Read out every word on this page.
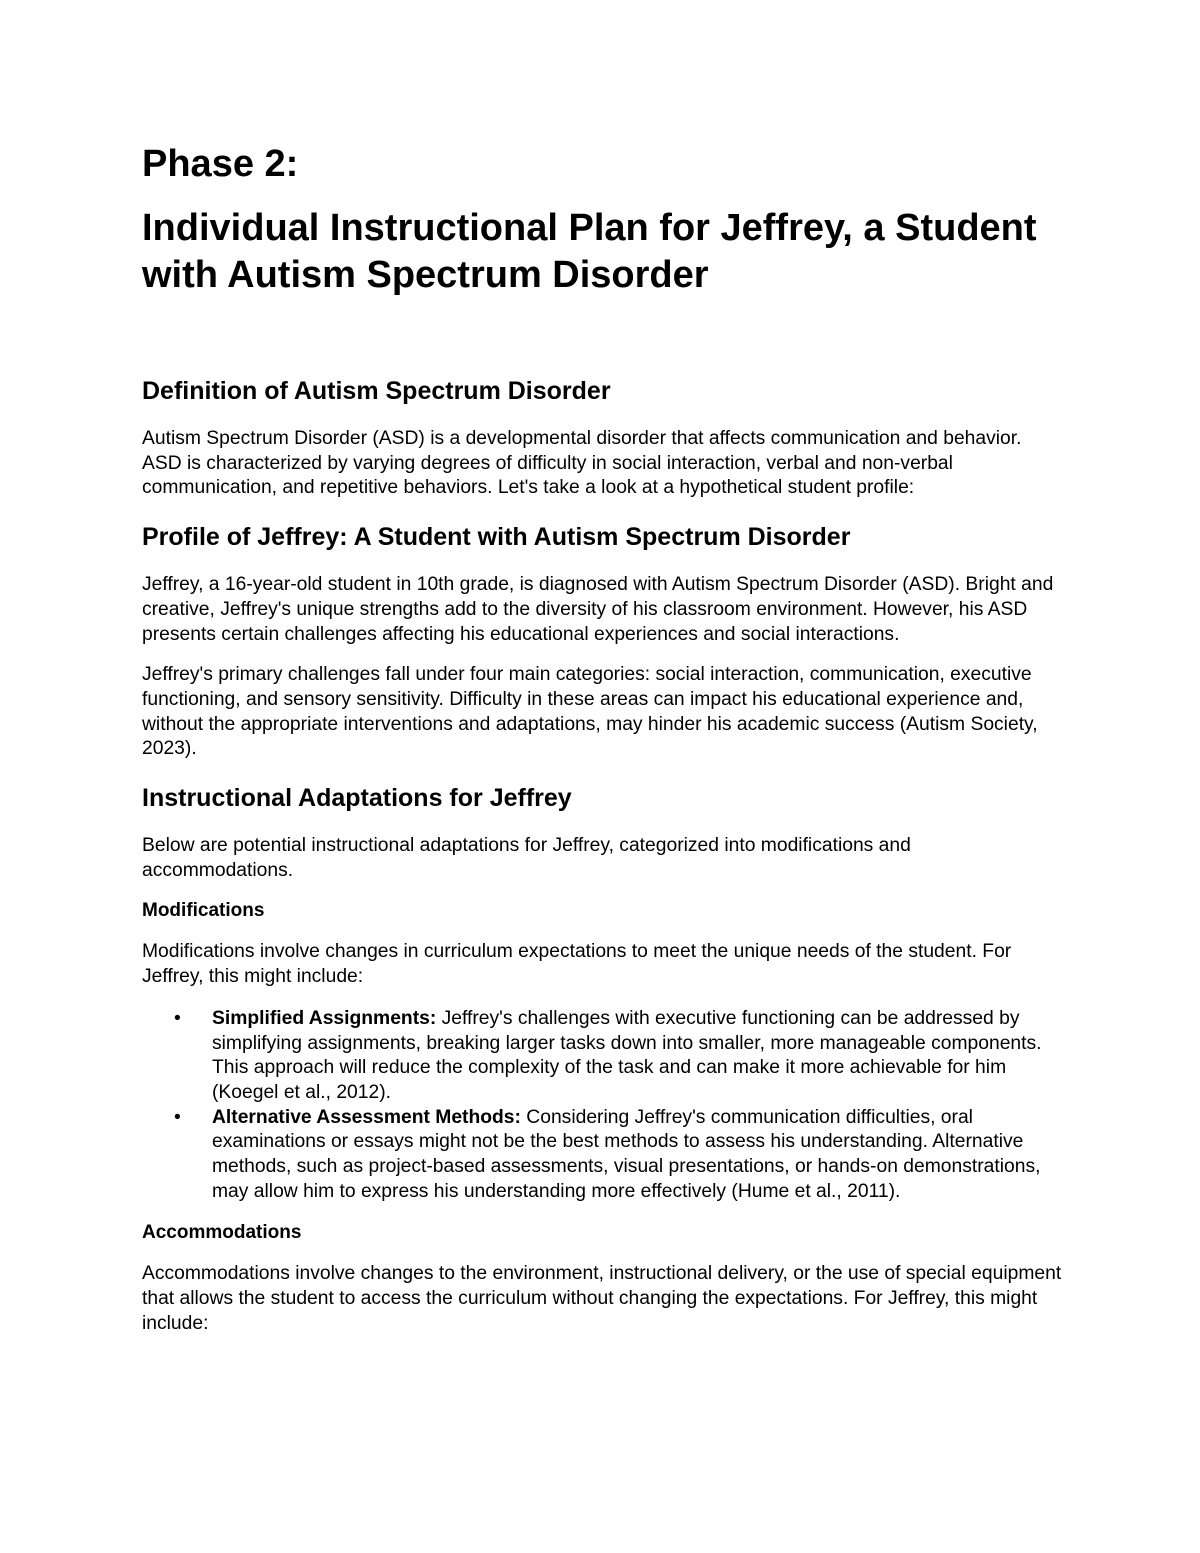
Phase 2:
Individual Instructional Plan for Jeffrey, a Student with Autism Spectrum Disorder
Definition of Autism Spectrum Disorder

Autism Spectrum Disorder (ASD) is a developmental disorder that affects communication and behavior. ASD is characterized by varying degrees of difficulty in social interaction, verbal and non-verbal communication, and repetitive behaviors. Let's take a look at a hypothetical student profile:

Profile of Jeffrey: A Student with Autism Spectrum Disorder

Jeffrey, a 16-year-old student in 10th grade, is diagnosed with Autism Spectrum Disorder (ASD). Bright and creative, Jeffrey's unique strengths add to the diversity of his classroom environment. However, his ASD presents certain challenges affecting his educational experiences and social interactions.

Jeffrey's primary challenges fall under four main categories: social interaction, communication, executive functioning, and sensory sensitivity. Difficulty in these areas can impact his educational experience and, without the appropriate interventions and adaptations, may hinder his academic success (Autism Society, 2023).

Instructional Adaptations for Jeffrey

Below are potential instructional adaptations for Jeffrey, categorized into modifications and accommodations.

Modifications

Modifications involve changes in curriculum expectations to meet the unique needs of the student. For Jeffrey, this might include:

• Simplified Assignments: Jeffrey's challenges with executive functioning can be addressed by simplifying assignments, breaking larger tasks down into smaller, more manageable components. This approach will reduce the complexity of the task and can make it more achievable for him (Koegel et al., 2012).
• Alternative Assessment Methods: Considering Jeffrey's communication difficulties, oral examinations or essays might not be the best methods to assess his understanding. Alternative methods, such as project-based assessments, visual presentations, or hands-on demonstrations, may allow him to express his understanding more effectively (Hume et al., 2011).
Accommodations

Accommodations involve changes to the environment, instructional delivery, or the use of special equipment that allows the student to access the curriculum without changing the expectations. For Jeffrey, this might include:
